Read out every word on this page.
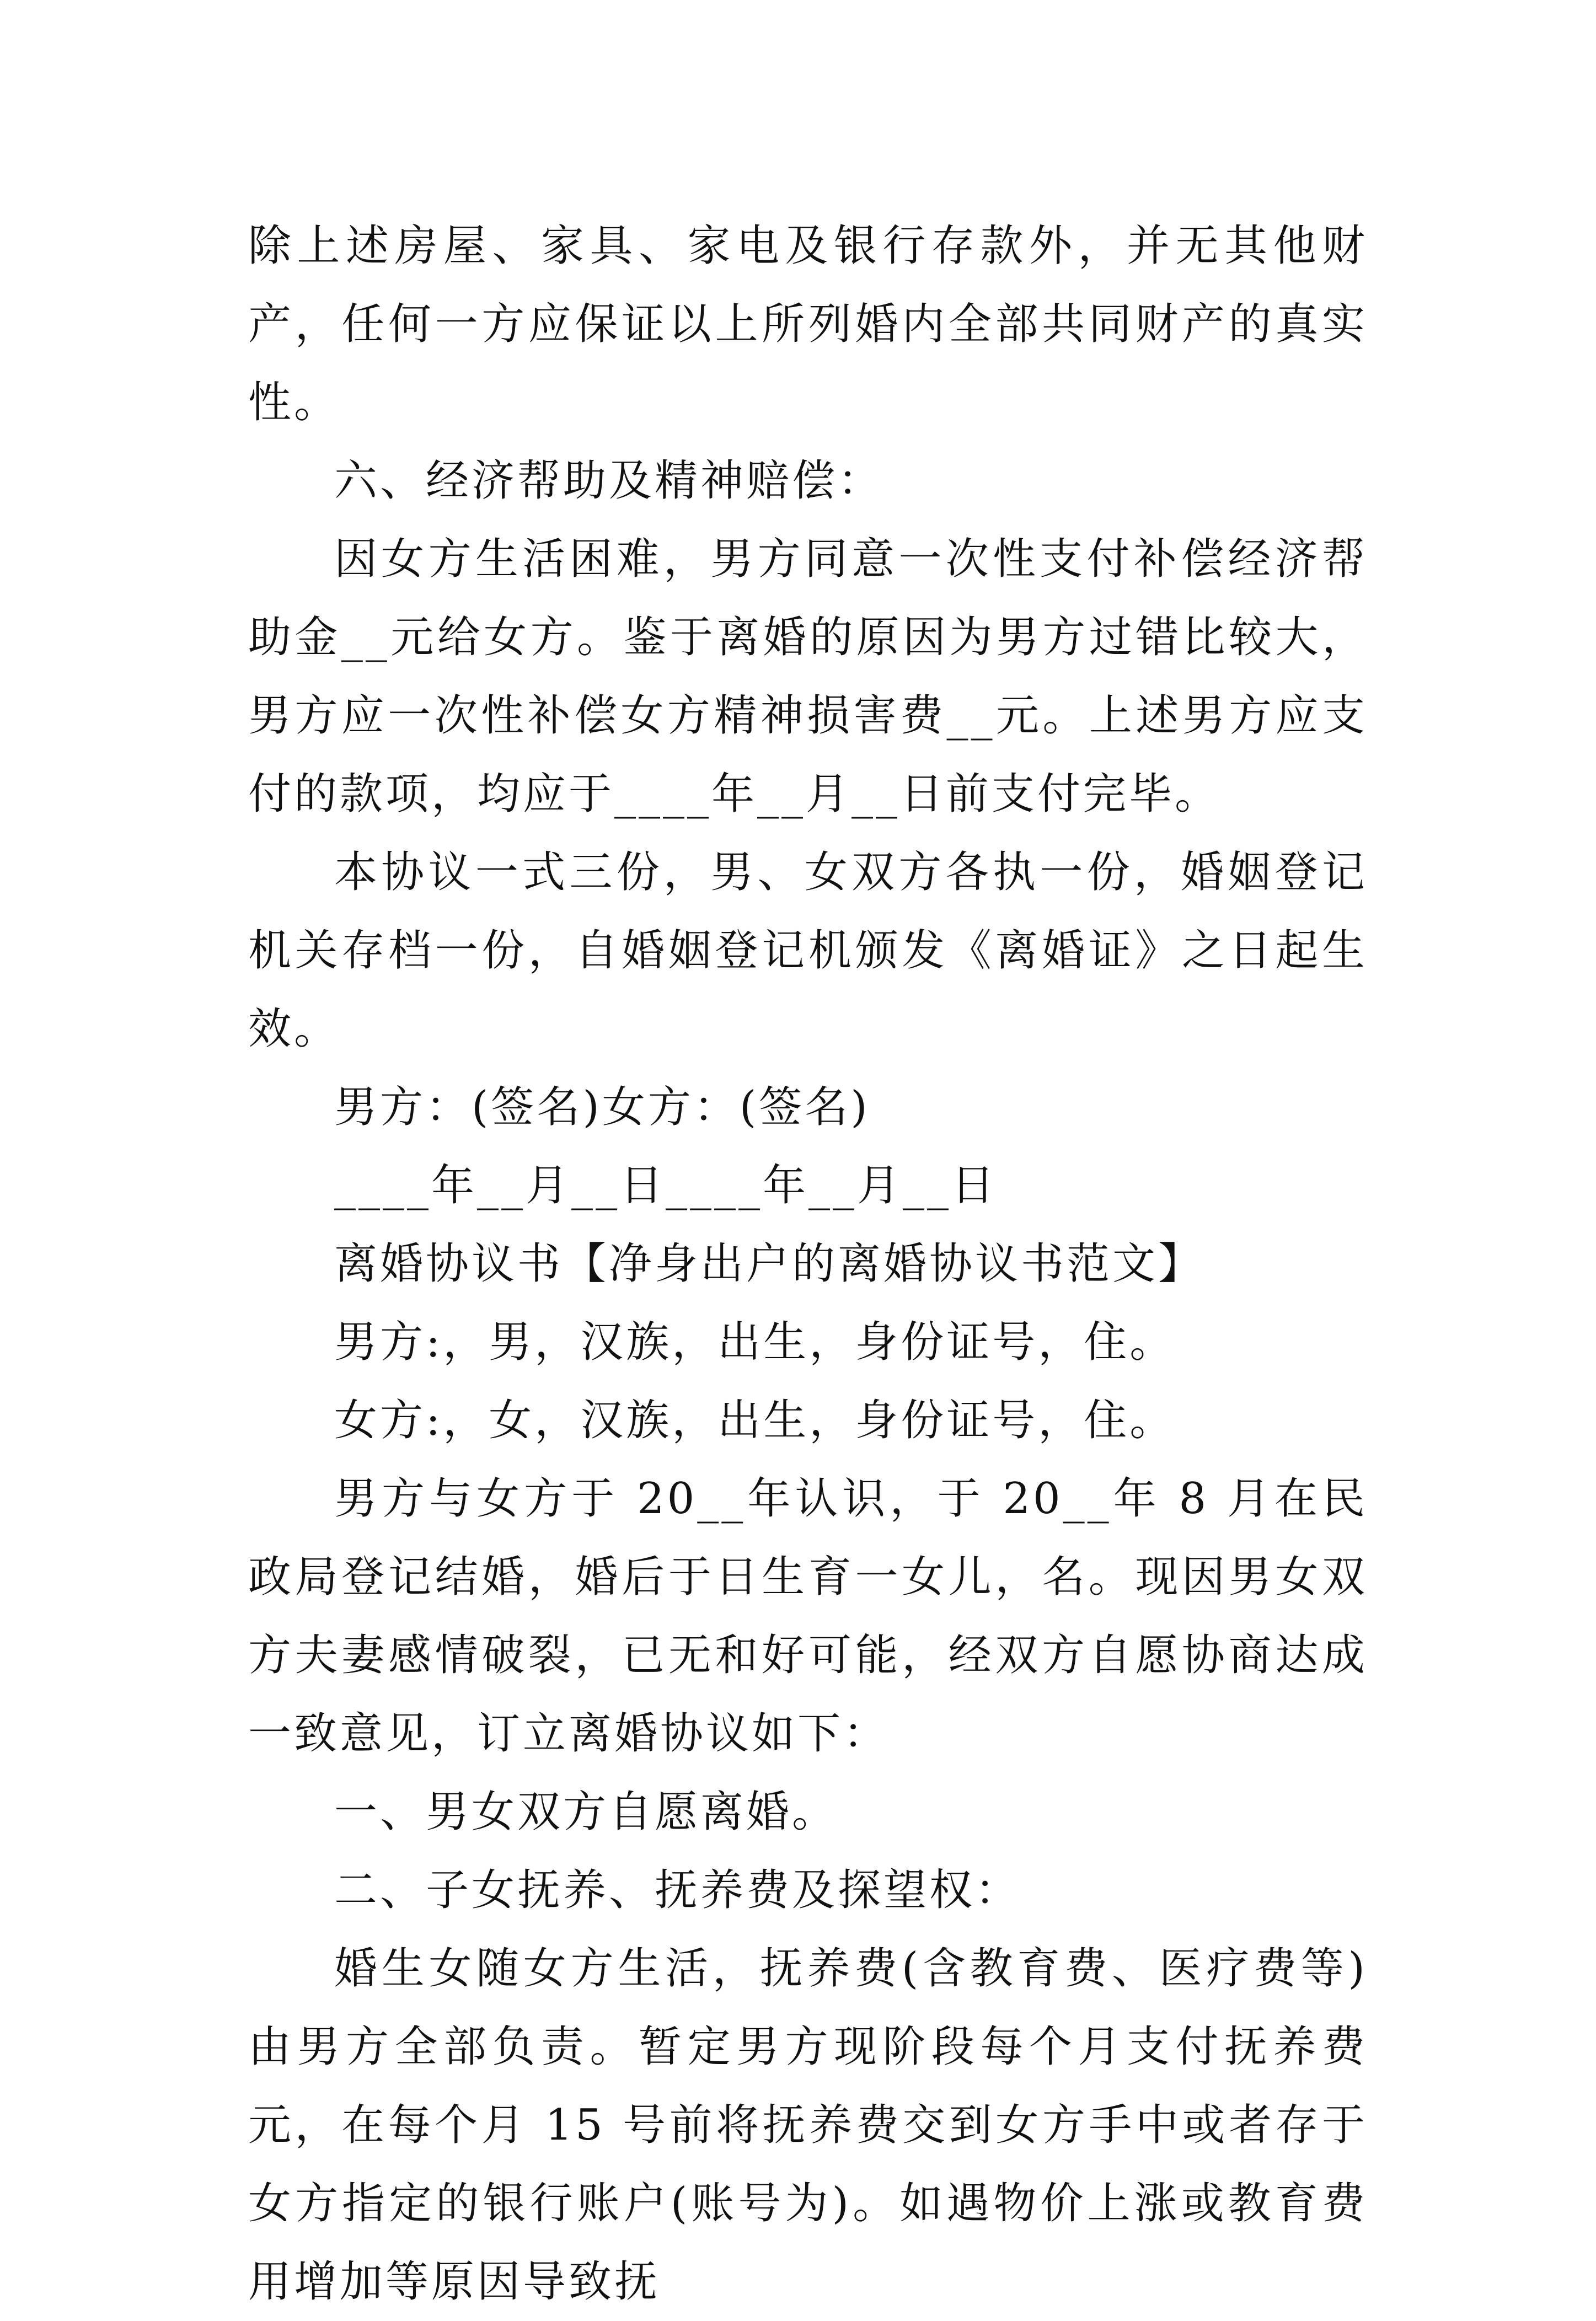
除上述房屋、家具、家电及银行存款外，并无其他财产，任何一方应保证以上所列婚内全部共同财产的真实性。

六、经济帮助及精神赔偿：

因女方生活困难，男方同意一次性支付补偿经济帮助金__元给女方。鉴于离婚的原因为男方过错比较大，男方应一次性补偿女方精神损害费__元。上述男方应支付的款项，均应于____年__月__日前支付完毕。

本协议一式三份，男、女双方各执一份，婚姻登记机关存档一份，自婚姻登记机颁发《离婚证》之日起生效。

男方：(签名)女方：(签名)

____年__月__日____年__月__日

离婚协议书【净身出户的离婚协议书范文】

男方:，男，汉族，出生，身份证号，住。

女方:，女，汉族，出生，身份证号，住。

男方与女方于 20__年认识，于 20__年 8 月在民政局登记结婚，婚后于日生育一女儿，名。现因男女双方夫妻感情破裂，已无和好可能，经双方自愿协商达成一致意见，订立离婚协议如下：

一、男女双方自愿离婚。

二、子女抚养、抚养费及探望权：

婚生女随女方生活，抚养费(含教育费、医疗费等)由男方全部负责。暂定男方现阶段每个月支付抚养费元，在每个月 15 号前将抚养费交到女方手中或者存于女方指定的银行账户(账号为)。如遇物价上涨或教育费用增加等原因导致抚
